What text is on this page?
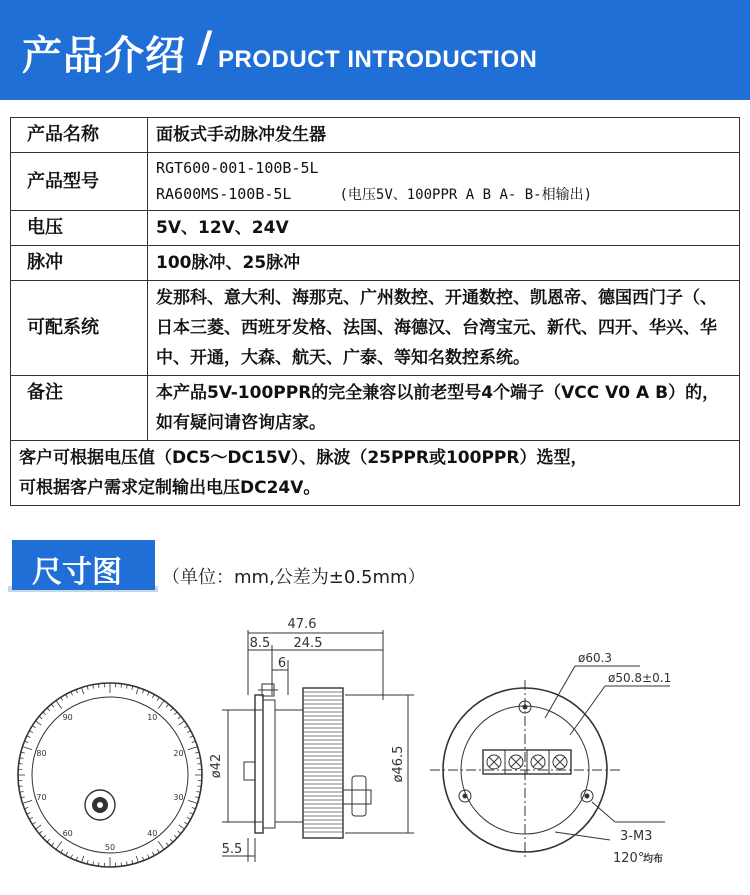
产品介绍 / PRODUCT INTRODUCTION
产品名称	面板式手动脉冲发生器
产品型号	RGT600-001-100B-5L
RA600MS-100B-5L (电压5V、100PPR A B A- B-相输出)

电压	5V、12V、24V
脉冲	100脉冲、25脉冲
可配系统	发那科、意大利、海那克、广州数控、开通数控、凯恩帝、德国西门子（、日本三菱、西班牙发格、法国、海德汉、台湾宝元、新代、四开、华兴、华中、开通，大森、航天、广泰、等知名数控系统。
备注	本产品5V-100PPR的完全兼容以前老型号4个端子（VCC V0 A B）的，如有疑问请咨询店家。

客户可根据电压值（DC5～DC15V）、脉波（25PPR或100PPR）选型，
可根据客户需求定制输出电压DC24V。	
尺寸图 （单位：mm,公差为±0.5mm）
10
20
30
40
50
60
70
80
90
47.6
8.5 24.5
6
ø42	ø46.5
5.5
ø60.3
ø50.8±0.1
3-M3
120°
均布
